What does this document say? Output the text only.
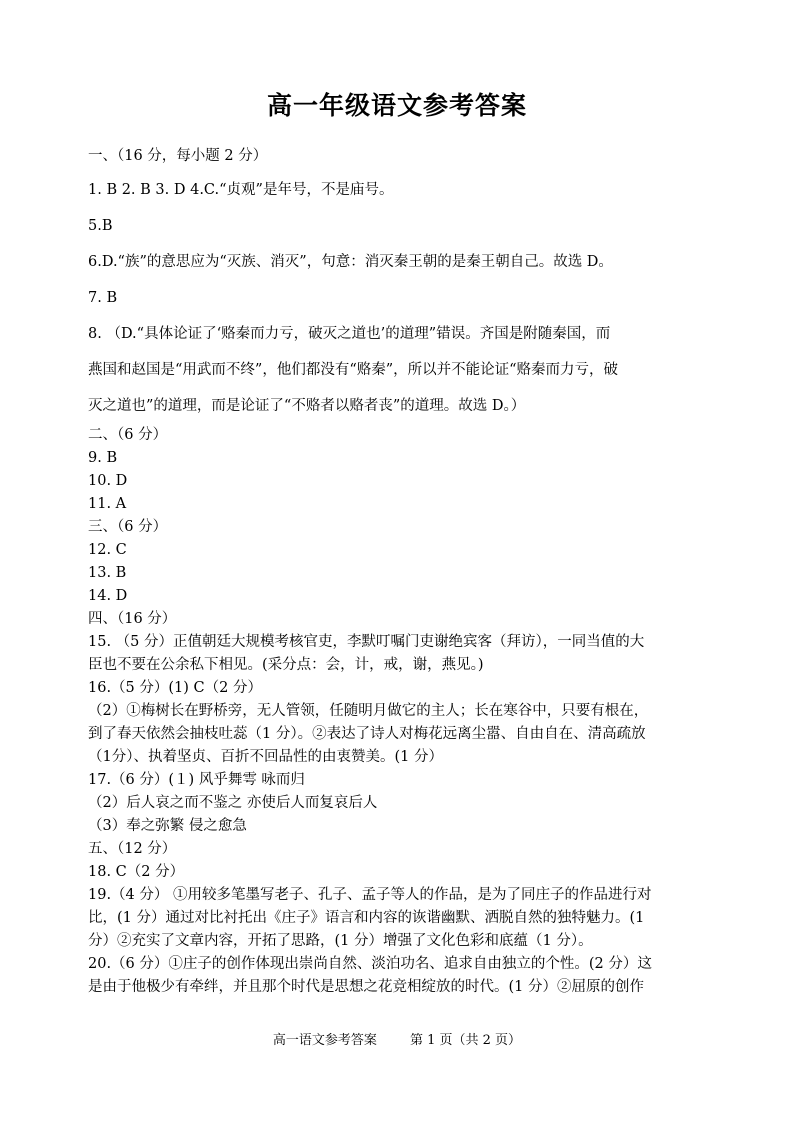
高一年级语文参考答案
一、（16 分，每小题 2 分）
1. B 2. B 3. D 4.C.“贞观”是年号，不是庙号。
5.B
6.D.“族”的意思应为“灭族、消灭”，句意：消灭秦王朝的是秦王朝自己。故选 D。
7. B
8. （D.“具体论证了‘赂秦而力亏，破灭之道也’的道理”错误。齐国是附随秦国，而
燕国和赵国是“用武而不终”，他们都没有“赂秦”，所以并不能论证“赂秦而力亏，破
灭之道也”的道理，而是论证了“不赂者以赂者丧”的道理。故选 D。）
二、（6 分）
9. B
10. D
11. A
三、（6 分）
12. C
13. B
14. D
四、（16 分）
15. （5 分）正值朝廷大规模考核官吏，李默叮嘱门吏谢绝宾客（拜访），一同当值的大
臣也不要在公余私下相见。(采分点：会，计，戒，谢，燕见。)
16.（5 分）(1) C（2 分）
（2）①梅树长在野桥旁，无人管领，任随明月做它的主人；长在寒谷中，只要有根在，
到了春天依然会抽枝吐蕊（1 分）。②表达了诗人对梅花远离尘嚣、自由自在、清高疏放
（1分）、执着坚贞、百折不回品性的由衷赞美。(1 分）
17.（6 分）(１) 风乎舞雩 咏而归
（2）后人哀之而不鉴之 亦使后人而复哀后人
（3）奉之弥繁 侵之愈急
五、（12 分）
18. C（2 分）
19.（4 分） ①用较多笔墨写老子、孔子、孟子等人的作品，是为了同庄子的作品进行对
比，(1 分）通过对比衬托出《庄子》语言和内容的诙谐幽默、洒脱自然的独特魅力。(1
分）②充实了文章内容，开拓了思路，(1 分）增强了文化色彩和底蕴（1 分）。
20.（6 分）①庄子的创作体现出崇尚自然、淡泊功名、追求自由独立的个性。(2 分）这
是由于他极少有牵绊，并且那个时代是思想之花竞相绽放的时代。(1 分）②屈原的创作
高一语文参考答案        第 1 页（共 2 页）
